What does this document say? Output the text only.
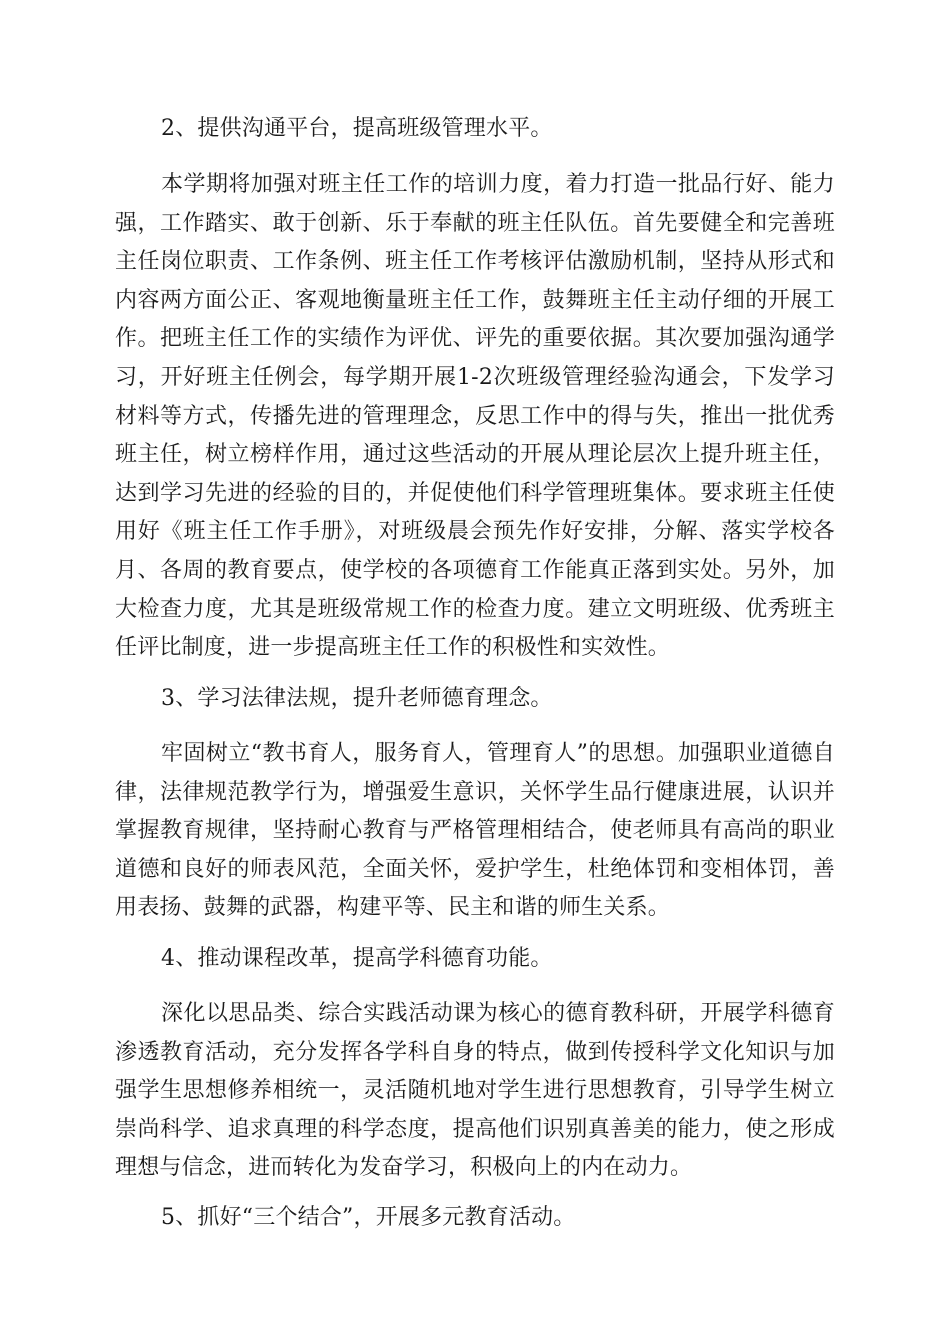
2、提供沟通平台，提高班级管理水平。

本学期将加强对班主任工作的培训力度，着力打造一批品行好、能力强，工作踏实、敢于创新、乐于奉献的班主任队伍。首先要健全和完善班主任岗位职责、工作条例、班主任工作考核评估激励机制，坚持从形式和内容两方面公正、客观地衡量班主任工作，鼓舞班主任主动仔细的开展工作。把班主任工作的实绩作为评优、评先的重要依据。其次要加强沟通学习，开好班主任例会，每学期开展1-2次班级管理经验沟通会，下发学习材料等方式，传播先进的管理理念，反思工作中的得与失，推出一批优秀班主任，树立榜样作用，通过这些活动的开展从理论层次上提升班主任，达到学习先进的经验的目的，并促使他们科学管理班集体。要求班主任使用好《班主任工作手册》，对班级晨会预先作好安排，分解、落实学校各月、各周的教育要点，使学校的各项德育工作能真正落到实处。另外，加大检查力度，尤其是班级常规工作的检查力度。建立文明班级、优秀班主任评比制度，进一步提高班主任工作的积极性和实效性。

3、学习法律法规，提升老师德育理念。

牢固树立“教书育人，服务育人，管理育人”的思想。加强职业道德自律，法律规范教学行为，增强爱生意识，关怀学生品行健康进展，认识并掌握教育规律，坚持耐心教育与严格管理相结合，使老师具有高尚的职业道德和良好的师表风范，全面关怀，爱护学生，杜绝体罚和变相体罚，善用表扬、鼓舞的武器，构建平等、民主和谐的师生关系。

4、推动课程改革，提高学科德育功能。

深化以思品类、综合实践活动课为核心的德育教科研，开展学科德育渗透教育活动，充分发挥各学科自身的特点，做到传授科学文化知识与加强学生思想修养相统一，灵活随机地对学生进行思想教育，引导学生树立崇尚科学、追求真理的科学态度，提高他们识别真善美的能力，使之形成理想与信念，进而转化为发奋学习，积极向上的内在动力。

5、抓好“三个结合”，开展多元教育活动。
